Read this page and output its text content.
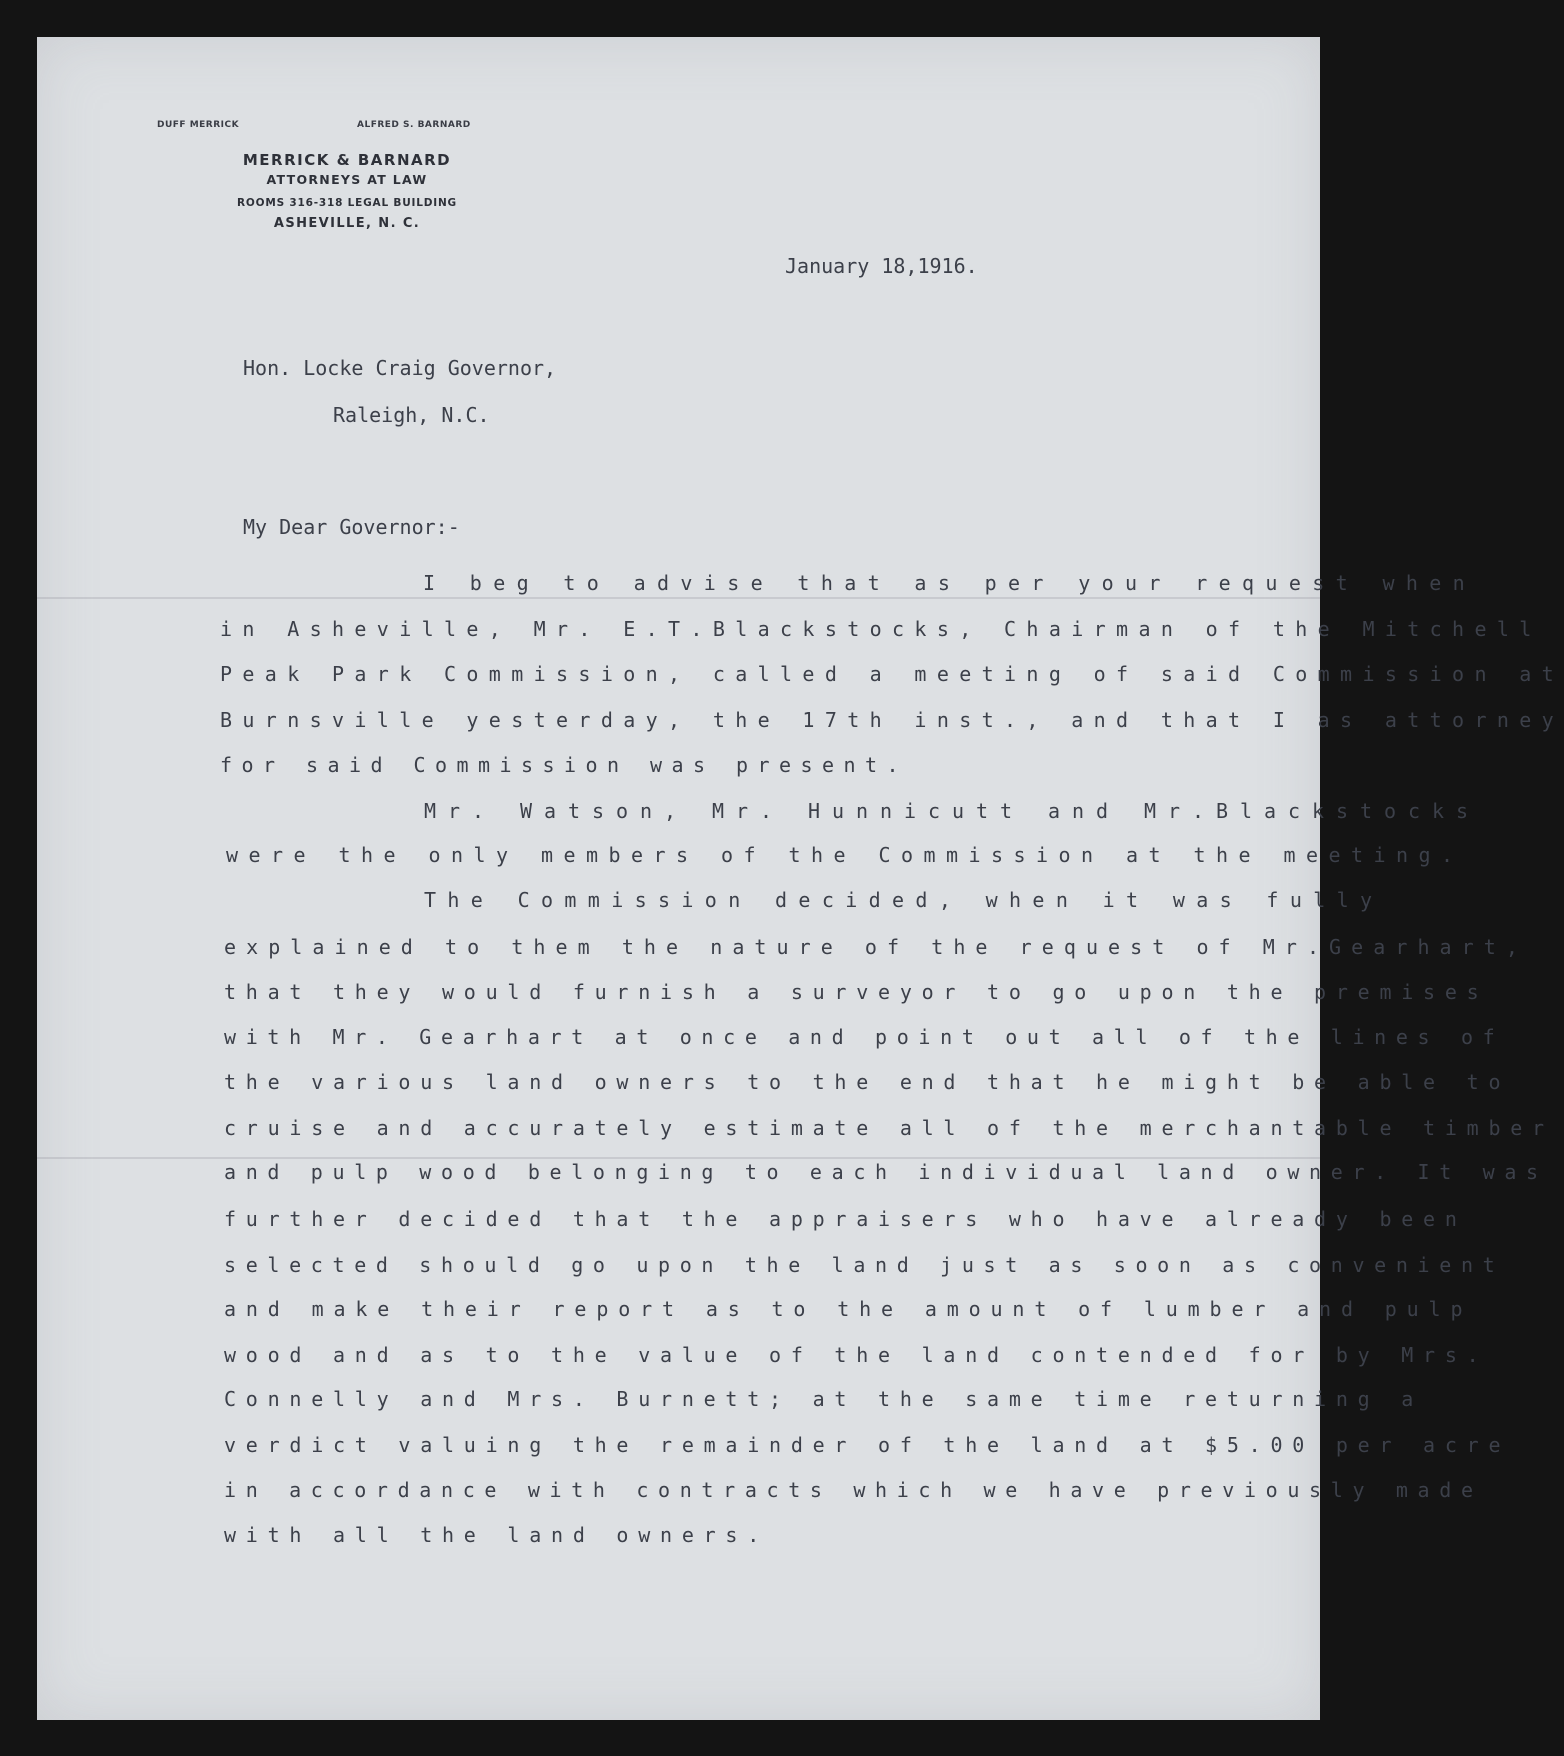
DUFF MERRICK	ALFRED S. BARNARD
MERRICK & BARNARD
ATTORNEYS AT LAW
ROOMS 316-318 LEGAL BUILDING
ASHEVILLE, N. C.
January 18,1916.
Hon. Locke Craig Governor,
Raleigh, N.C.
My Dear Governor:-
I beg to advise that as per your request when
in Asheville, Mr. E.T.Blackstocks, Chairman of the Mitchell
Peak Park Commission, called a meeting of said Commission at
Burnsville yesterday, the 17th inst., and that I as attorney
for said Commission was present.
Mr. Watson, Mr. Hunnicutt and Mr.Blackstocks
were the only members of the Commission at the meeting.
The Commission decided, when it was fully
explained to them the nature of the request of Mr.Gearhart,
that they would furnish a surveyor to go upon the premises
with Mr. Gearhart at once and point out all of the lines of
the various land owners to the end that he might be able to
cruise and accurately estimate all of the merchantable timber
and pulp wood belonging to each individual land owner. It was
further decided that the appraisers who have already been
selected should go upon the land just as soon as convenient
and make their report as to the amount of lumber and pulp
wood and as to the value of the land contended for by Mrs.
Connelly and Mrs. Burnett; at the same time returning a
verdict valuing the remainder of the land at $5.00 per acre
in accordance with contracts which we have previously made
with all the land owners.
